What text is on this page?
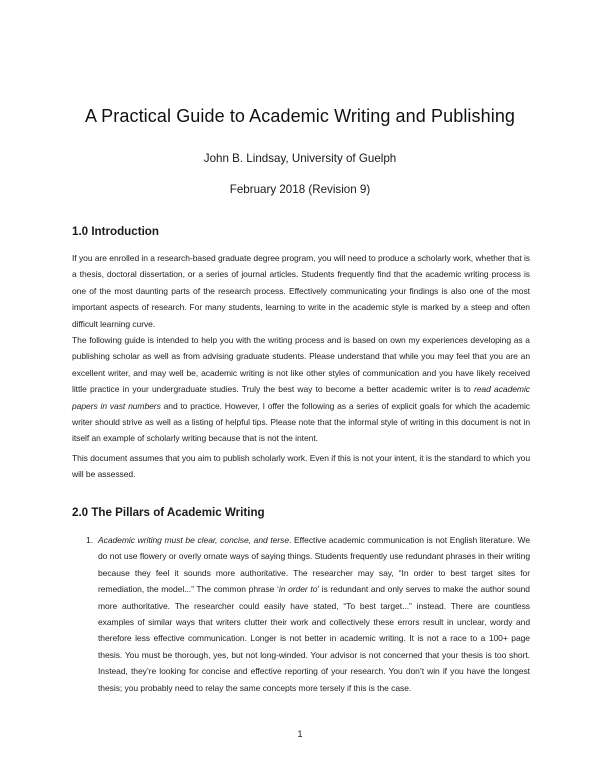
A Practical Guide to Academic Writing and Publishing
John B. Lindsay, University of Guelph
February 2018 (Revision 9)
1.0 Introduction

If you are enrolled in a research-based graduate degree program, you will need to produce a scholarly work, whether that is a thesis, doctoral dissertation, or a series of journal articles. Students frequently find that the academic writing process is one of the most daunting parts of the research process. Effectively communicating your findings is also one of the most important aspects of research. For many students, learning to write in the academic style is marked by a steep and often difficult learning curve.

The following guide is intended to help you with the writing process and is based on own my experiences developing as a publishing scholar as well as from advising graduate students. Please understand that while you may feel that you are an excellent writer, and may well be, academic writing is not like other styles of communication and you have likely received little practice in your undergraduate studies. Truly the best way to become a better academic writer is to read academic papers in vast numbers and to practice. However, I offer the following as a series of explicit goals for which the academic writer should strive as well as a listing of helpful tips. Please note that the informal style of writing in this document is not in itself an example of scholarly writing because that is not the intent.

This document assumes that you aim to publish scholarly work. Even if this is not your intent, it is the standard to which you will be assessed.

2.0 The Pillars of Academic Writing
1. Academic writing must be clear, concise, and terse. Effective academic communication is not English literature. We do not use flowery or overly ornate ways of saying things. Students frequently use redundant phrases in their writing because they feel it sounds more authoritative. The researcher may say, “In order to best target sites for remediation, the model...” The common phrase ‘in order to’ is redundant and only serves to make the author sound more authoritative. The researcher could easily have stated, “To best target...” instead. There are countless examples of similar ways that writers clutter their work and collectively these errors result in unclear, wordy and therefore less effective communication. Longer is not better in academic writing. It is not a race to a 100+ page thesis. You must be thorough, yes, but not long-winded. Your advisor is not concerned that your thesis is too short. Instead, they’re looking for concise and effective reporting of your research. You don’t win if you have the longest thesis; you probably need to relay the same concepts more tersely if this is the case.

1
